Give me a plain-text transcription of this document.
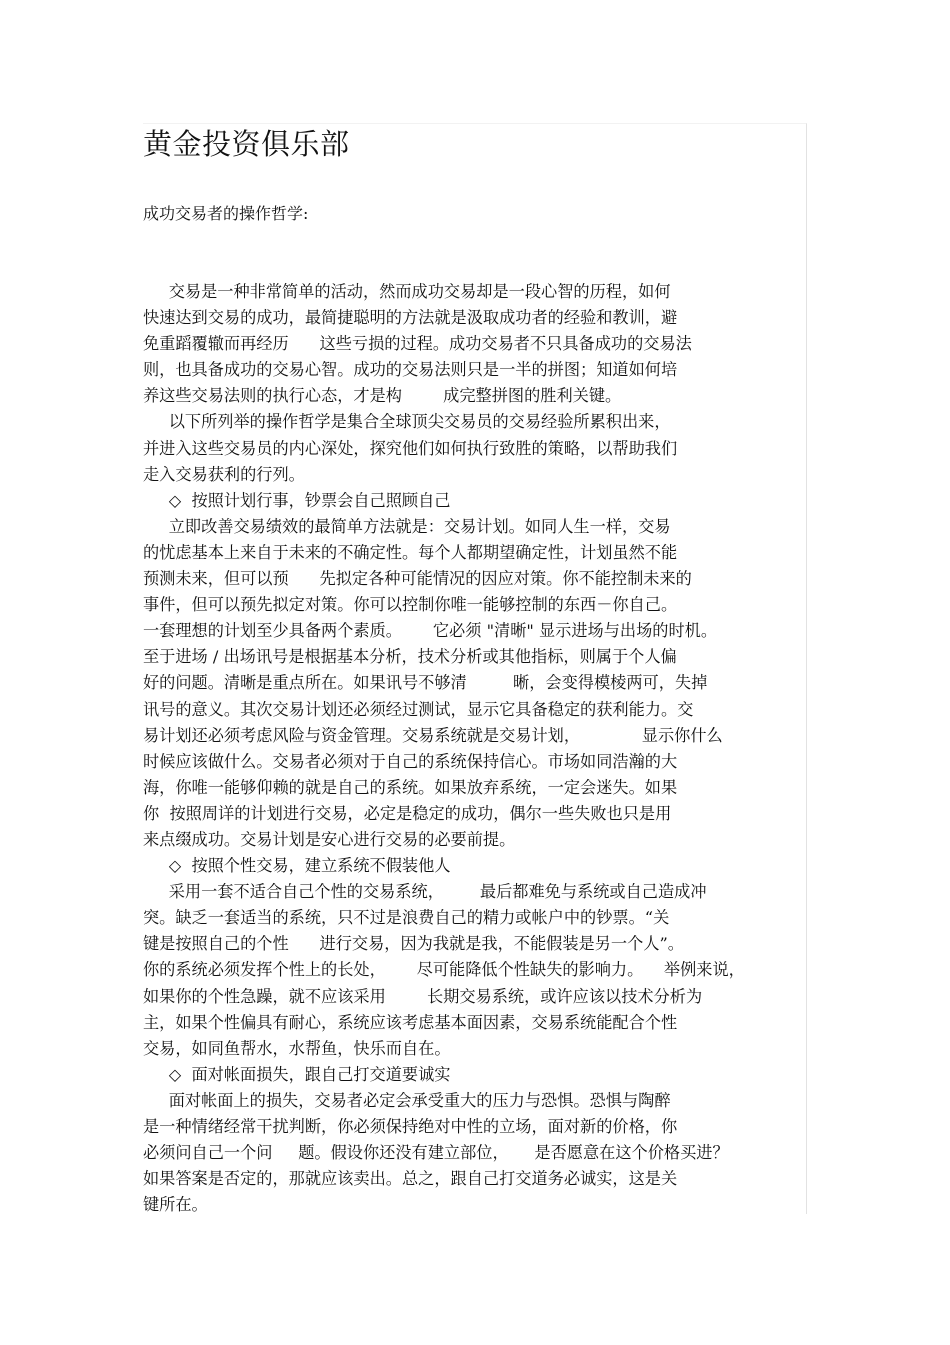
黄金投资俱乐部
成功交易者的操作哲学:
交易是一种非常简单的活动，然而成功交易却是一段心智的历程，如何
快速达到交易的成功，最简捷聪明的方法就是汲取成功者的经验和教训，避
免重蹈覆辙而再经历      这些亏损的过程。成功交易者不只具备成功的交易法
则，也具备成功的交易心智。成功的交易法则只是一半的拼图；知道如何培
养这些交易法则的执行心态，才是构        成完整拼图的胜利关键。
以下所列举的操作哲学是集合全球顶尖交易员的交易经验所累积出来，
并进入这些交易员的内心深处，探究他们如何执行致胜的策略，以帮助我们
走入交易获利的行列。
◇  按照计划行事，钞票会自己照顾自己
立即改善交易绩效的最简单方法就是：交易计划。如同人生一样，交易
的忧虑基本上来自于未来的不确定性。每个人都期望确定性，计划虽然不能
预测未来，但可以预      先拟定各种可能情况的因应对策。你不能控制未来的
事件，但可以预先拟定对策。你可以控制你唯一能够控制的东西－你自己。
一套理想的计划至少具备两个素质。      它必须 "清晰" 显示进场与出场的时机。
至于进场 / 出场讯号是根据基本分析，技术分析或其他指标，则属于个人偏
好的问题。清晰是重点所在。如果讯号不够清         晰，会变得模棱两可，失掉
讯号的意义。其次交易计划还必须经过测试，显示它具备稳定的获利能力。交
易计划还必须考虑风险与资金管理。交易系统就是交易计划，            显示你什么
时候应该做什么。交易者必须对于自己的系统保持信心。市场如同浩瀚的大
海，你唯一能够仰赖的就是自己的系统。如果放弃系统，一定会迷失。如果
你  按照周详的计划进行交易，必定是稳定的成功，偶尔一些失败也只是用
来点缀成功。交易计划是安心进行交易的必要前提。
◇  按照个性交易，建立系统不假装他人
采用一套不适合自己个性的交易系统，       最后都难免与系统或自己造成冲
突。缺乏一套适当的系统，只不过是浪费自己的精力或帐户中的钞票。“关
键是按照自己的个性      进行交易，因为我就是我，不能假装是另一个人”。
你的系统必须发挥个性上的长处，      尽可能降低个性缺失的影响力。    举例来说，
如果你的个性急躁，就不应该采用        长期交易系统，或许应该以技术分析为
主，如果个性偏具有耐心，系统应该考虑基本面因素，交易系统能配合个性
交易，如同鱼帮水，水帮鱼，快乐而自在。
◇  面对帐面损失，跟自己打交道要诚实
面对帐面上的损失，交易者必定会承受重大的压力与恐惧。恐惧与陶醉
是一种情绪经常干扰判断，你必须保持绝对中性的立场，面对新的价格，你
必须问自己一个问     题。假设你还没有建立部位，     是否愿意在这个价格买进？
如果答案是否定的，那就应该卖出。总之，跟自己打交道务必诚实，这是关
键所在。
